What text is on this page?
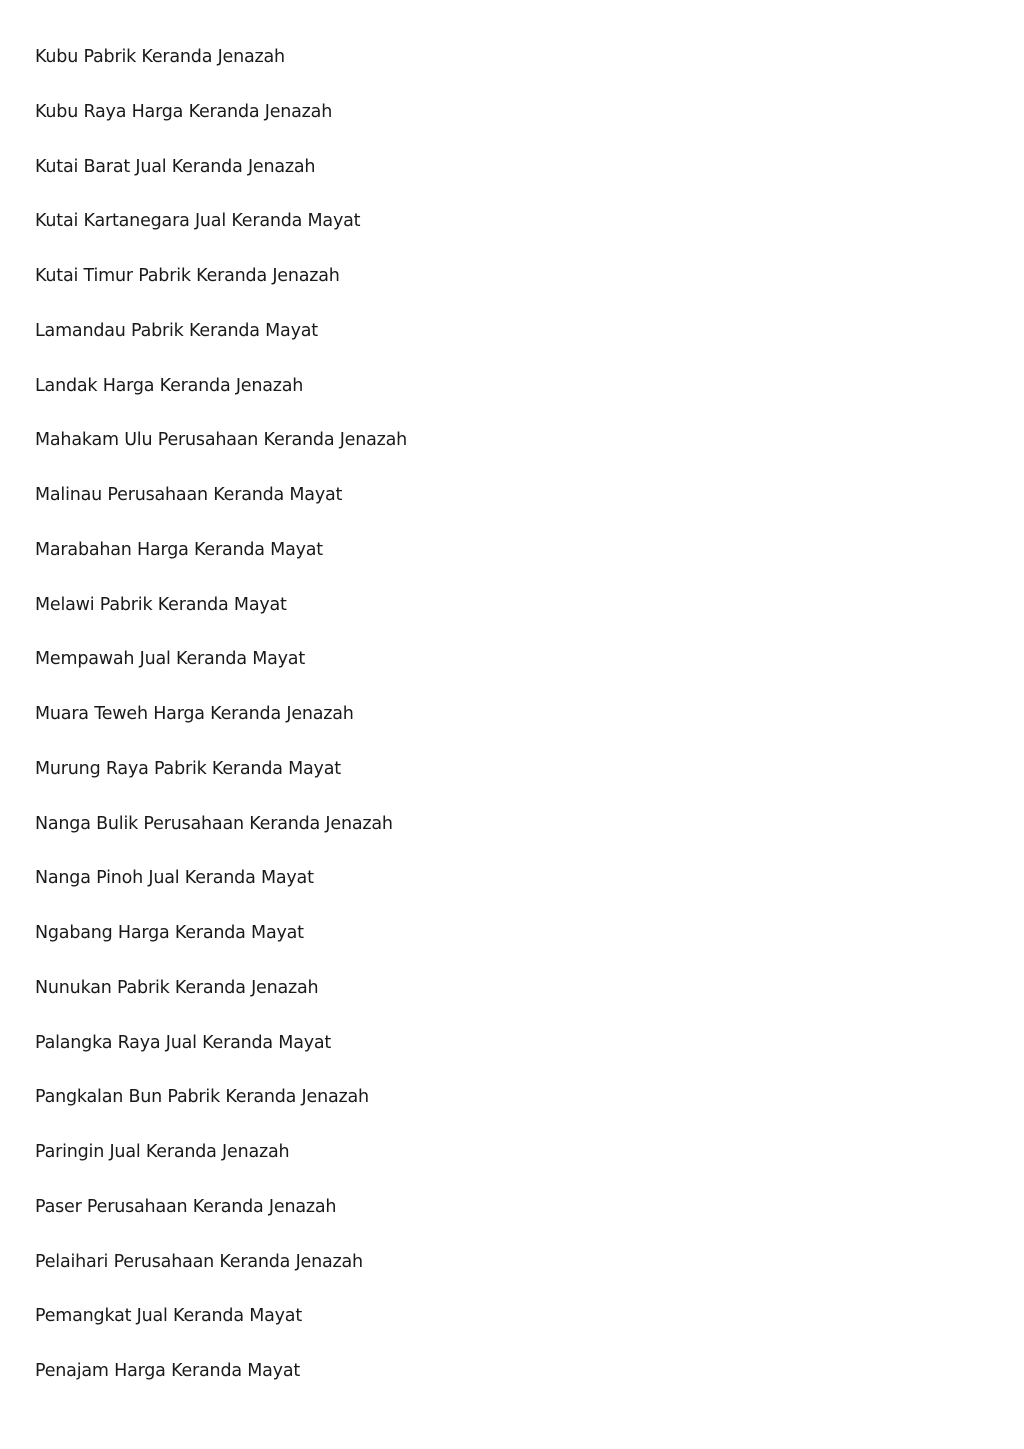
Kubu Pabrik Keranda Jenazah
Kubu Raya Harga Keranda Jenazah
Kutai Barat Jual Keranda Jenazah
Kutai Kartanegara Jual Keranda Mayat
Kutai Timur Pabrik Keranda Jenazah
Lamandau Pabrik Keranda Mayat
Landak Harga Keranda Jenazah
Mahakam Ulu Perusahaan Keranda Jenazah
Malinau Perusahaan Keranda Mayat
Marabahan Harga Keranda Mayat
Melawi Pabrik Keranda Mayat
Mempawah Jual Keranda Mayat
Muara Teweh Harga Keranda Jenazah
Murung Raya Pabrik Keranda Mayat
Nanga Bulik Perusahaan Keranda Jenazah
Nanga Pinoh Jual Keranda Mayat
Ngabang Harga Keranda Mayat
Nunukan Pabrik Keranda Jenazah
Palangka Raya Jual Keranda Mayat
Pangkalan Bun Pabrik Keranda Jenazah
Paringin Jual Keranda Jenazah
Paser Perusahaan Keranda Jenazah
Pelaihari Perusahaan Keranda Jenazah
Pemangkat Jual Keranda Mayat
Penajam Harga Keranda Mayat
